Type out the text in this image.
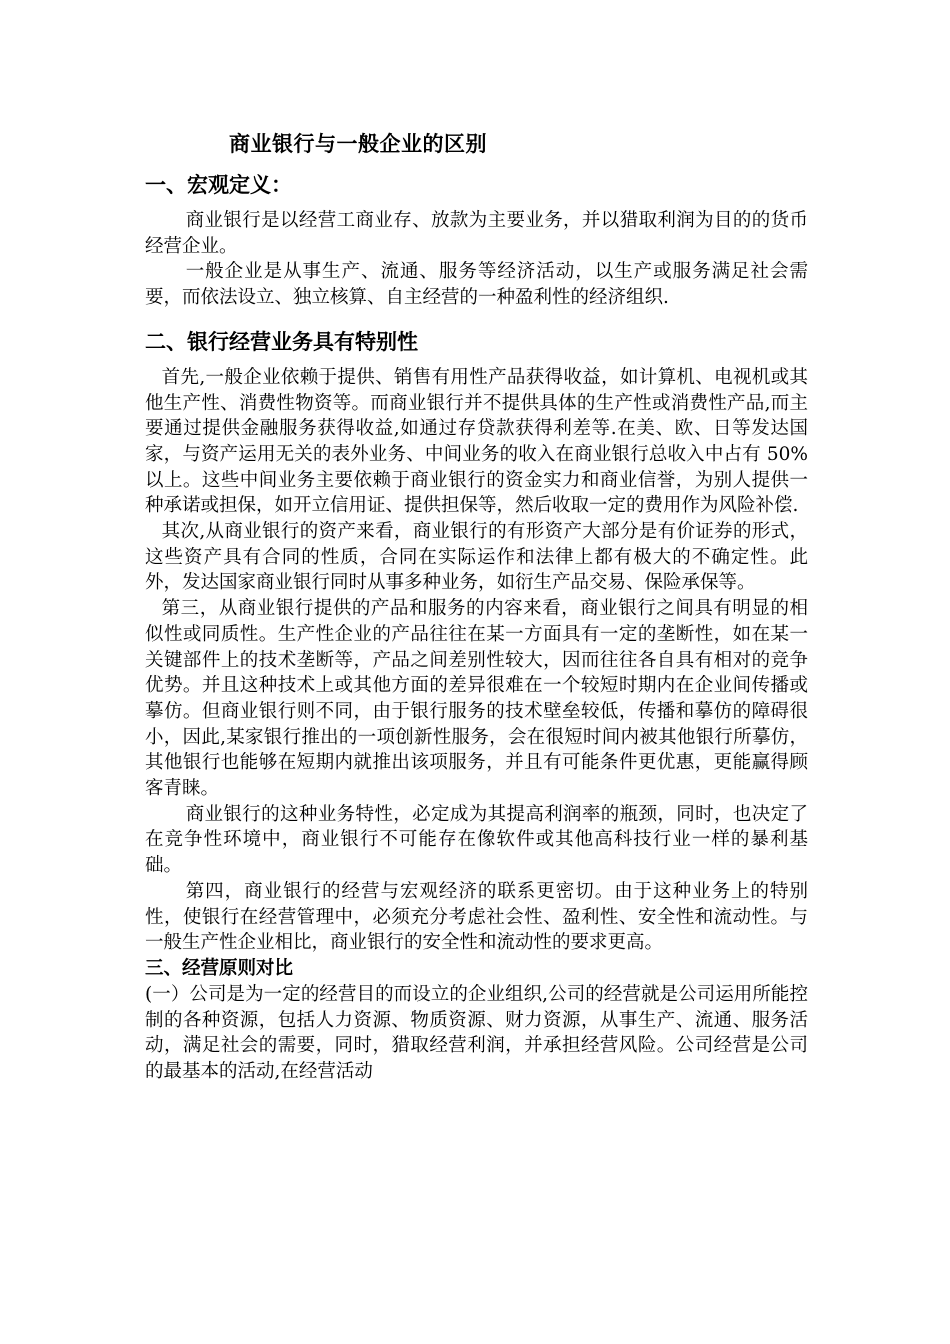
商业银行与一般企业的区别
一、宏观定义：

商业银行是以经营工商业存、放款为主要业务，并以猎取利润为目的的货币经营企业。

一般企业是从事生产、流通、服务等经济活动，以生产或服务满足社会需要，而依法设立、独立核算、自主经营的一种盈利性的经济组织.

二、银行经营业务具有特别性

首先,一般企业依赖于提供、销售有用性产品获得收益，如计算机、电视机或其他生产性、消费性物资等。而商业银行并不提供具体的生产性或消费性产品,而主要通过提供金融服务获得收益,如通过存贷款获得利差等.在美、欧、日等发达国家，与资产运用无关的表外业务、中间业务的收入在商业银行总收入中占有 50%以上。这些中间业务主要依赖于商业银行的资金实力和商业信誉，为别人提供一种承诺或担保，如开立信用证、提供担保等，然后收取一定的费用作为风险补偿.

其次,从商业银行的资产来看，商业银行的有形资产大部分是有价证券的形式，这些资产具有合同的性质，合同在实际运作和法律上都有极大的不确定性。此外，发达国家商业银行同时从事多种业务，如衍生产品交易、保险承保等。

第三，从商业银行提供的产品和服务的内容来看，商业银行之间具有明显的相似性或同质性。生产性企业的产品往往在某一方面具有一定的垄断性，如在某一关键部件上的技术垄断等，产品之间差别性较大，因而往往各自具有相对的竞争优势。并且这种技术上或其他方面的差异很难在一个较短时期内在企业间传播或摹仿。但商业银行则不同，由于银行服务的技术壁垒较低，传播和摹仿的障碍很小，因此,某家银行推出的一项创新性服务，会在很短时间内被其他银行所摹仿，其他银行也能够在短期内就推出该项服务，并且有可能条件更优惠，更能赢得顾客青睐。

商业银行的这种业务特性，必定成为其提高利润率的瓶颈，同时，也决定了在竞争性环境中，商业银行不可能存在像软件或其他高科技行业一样的暴利基础。

第四，商业银行的经营与宏观经济的联系更密切。由于这种业务上的特别性，使银行在经营管理中，必须充分考虑社会性、盈利性、安全性和流动性。与一般生产性企业相比，商业银行的安全性和流动性的要求更高。

三、经营原则对比

(一）公司是为一定的经营目的而设立的企业组织,公司的经营就是公司运用所能控制的各种资源，包括人力资源、物质资源、财力资源，从事生产、流通、服务活动，满足社会的需要，同时，猎取经营利润，并承担经营风险。公司经营是公司的最基本的活动,在经营活动
